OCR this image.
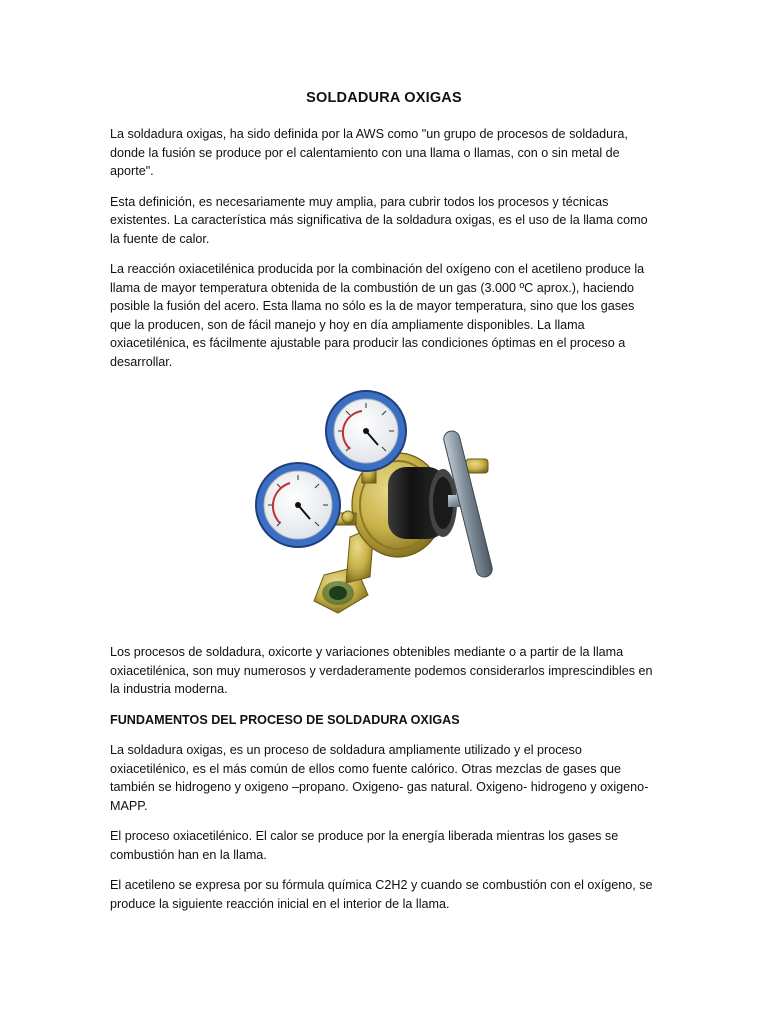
SOLDADURA OXIGAS

La soldadura oxigas, ha sido definida por la AWS como "un grupo de procesos de soldadura, donde la fusión se produce por el calentamiento con una llama o llamas, con o sin metal de aporte".

Esta definición, es necesariamente muy amplia, para cubrir todos los procesos y técnicas existentes. La característica más significativa de la soldadura oxigas, es el uso de la llama como la fuente de calor.

La reacción oxiacetilénica producida por la combinación del oxígeno con el acetileno produce la llama de mayor temperatura obtenida de la combustión de un gas (3.000 ºC aprox.), haciendo posible la fusión del acero. Esta llama no sólo es la de mayor temperatura, sino que los gases que la producen, son de fácil manejo y hoy en día ampliamente disponibles. La llama oxiacetilénica, es fácilmente ajustable para producir las condiciones óptimas en el proceso a desarrollar.

Los procesos de soldadura, oxicorte y variaciones obtenibles mediante o a partir de la llama oxiacetilénica, son muy numerosos y verdaderamente podemos considerarlos imprescindibles en la industria moderna.

FUNDAMENTOS DEL PROCESO DE SOLDADURA OXIGAS

La soldadura oxigas, es un proceso de soldadura ampliamente utilizado y el proceso oxiacetilénico, es el más común de ellos como fuente calórico. Otras mezclas de gases que también se hidrogeno y oxigeno –propano. Oxigeno- gas natural. Oxigeno- hidrogeno y oxigeno-MAPP.

El proceso oxiacetilénico. El calor se produce por la energía liberada mientras los gases se combustión han en la llama.

El acetileno se expresa por su fórmula química C2H2 y cuando se combustión con el oxígeno, se produce la siguiente reacción inicial en el interior de la llama.
